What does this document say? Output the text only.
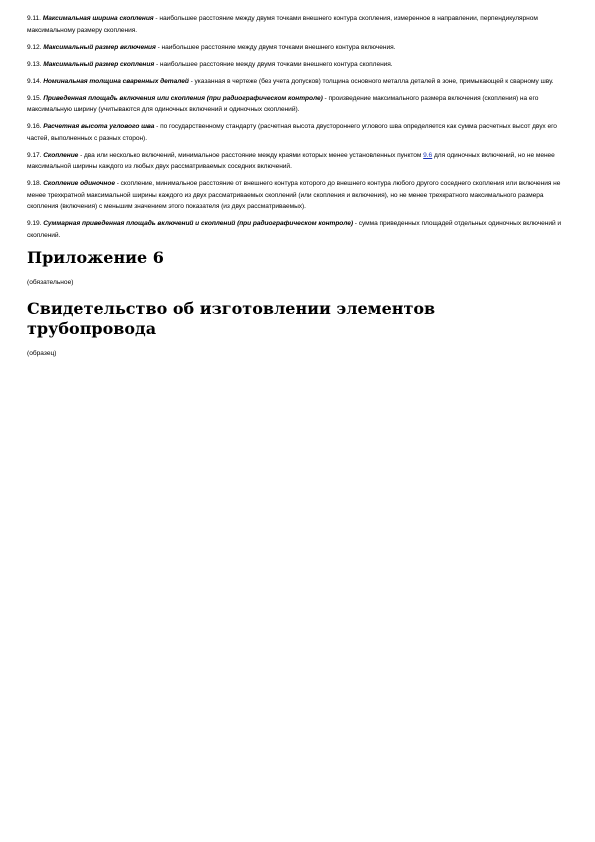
9.11. Максимальная ширина скопления - наибольшее расстояние между двумя точками внешнего контура скопления, измеренное в направлении, перпендикулярном максимальному размеру скопления.

9.12. Максимальный размер включения - наибольшее расстояние между двумя точками внешнего контура включения.

9.13. Максимальный размер скопления - наибольшее расстояние между двумя точками внешнего контура скопления.

9.14. Номинальная толщина сваренных деталей - указанная в чертеже (без учета допусков) толщина основного металла деталей в зоне, примыкающей к сварному шву.

9.15. Приведенная площадь включения или скопления (при радиографическом контроле) - произведение максимального размера включения (скопления) на его максимальную ширину (учитываются для одиночных включений и одиночных скоплений).

9.16. Расчетная высота углового шва - по государственному стандарту (расчетная высота двустороннего углового шва определяется как сумма расчетных высот двух его частей, выполненных с разных сторон).

9.17. Скопление - два или несколько включений, минимальное расстояние между краями которых менее установленных пунктом 9.6 для одиночных включений, но не менее максимальной ширины каждого из любых двух рассматриваемых соседних включений.

9.18. Скопление одиночное - скопление, минимальное расстояние от внешнего контура которого до внешнего контура любого другого соседнего скопления или включения не менее трехкратной максимальной ширины каждого из двух рассматриваемых скоплений (или скопления и включения), но не менее трехкратного максимального размера скопления (включения) с меньшим значением этого показателя (из двух рассматриваемых).

9.19. Суммарная приведенная площадь включений и скоплений (при радиографическом контроле) - сумма приведенных площадей отдельных одиночных включений и скоплений.

Приложение 6

(обязательное)

Свидетельство об изготовлении элементов трубопровода

(образец)
